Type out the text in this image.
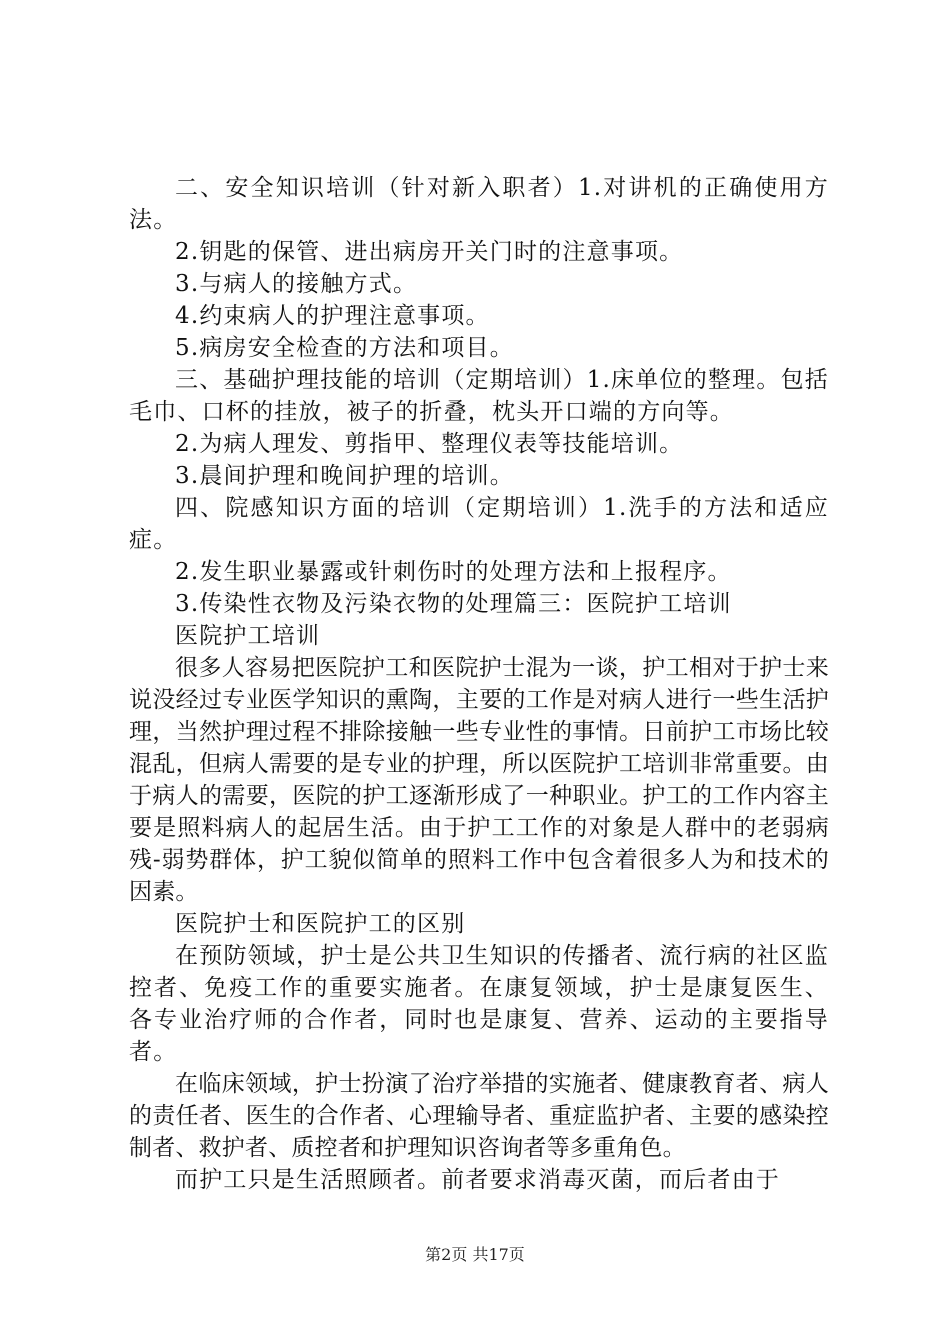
二、安全知识培训（针对新入职者）1.对讲机的正确使用方法。

2.钥匙的保管、进出病房开关门时的注意事项。

3.与病人的接触方式。

4.约束病人的护理注意事项。

5.病房安全检查的方法和项目。

三、基础护理技能的培训（定期培训）1.床单位的整理。包括毛巾、口杯的挂放，被子的折叠，枕头开口端的方向等。

2.为病人理发、剪指甲、整理仪表等技能培训。

3.晨间护理和晚间护理的培训。

四、院感知识方面的培训（定期培训）1.洗手的方法和适应症。

2.发生职业暴露或针刺伤时的处理方法和上报程序。

3.传染性衣物及污染衣物的处理篇三：医院护工培训

医院护工培训

很多人容易把医院护工和医院护士混为一谈，护工相对于护士来说没经过专业医学知识的熏陶，主要的工作是对病人进行一些生活护理，当然护理过程不排除接触一些专业性的事情。日前护工市场比较混乱，但病人需要的是专业的护理，所以医院护工培训非常重要。由于病人的需要，医院的护工逐渐形成了一种职业。护工的工作内容主要是照料病人的起居生活。由于护工工作的对象是人群中的老弱病残-弱势群体，护工貌似简单的照料工作中包含着很多人为和技术的因素。

医院护士和医院护工的区别

在预防领域，护士是公共卫生知识的传播者、流行病的社区监控者、免疫工作的重要实施者。在康复领域，护士是康复医生、各专业治疗师的合作者，同时也是康复、营养、运动的主要指导者。

在临床领域，护士扮演了治疗举措的实施者、健康教育者、病人的责任者、医生的合作者、心理输导者、重症监护者、主要的感染控制者、救护者、质控者和护理知识咨询者等多重角色。

而护工只是生活照顾者。前者要求消毒灭菌，而后者由于

第2页 共17页
